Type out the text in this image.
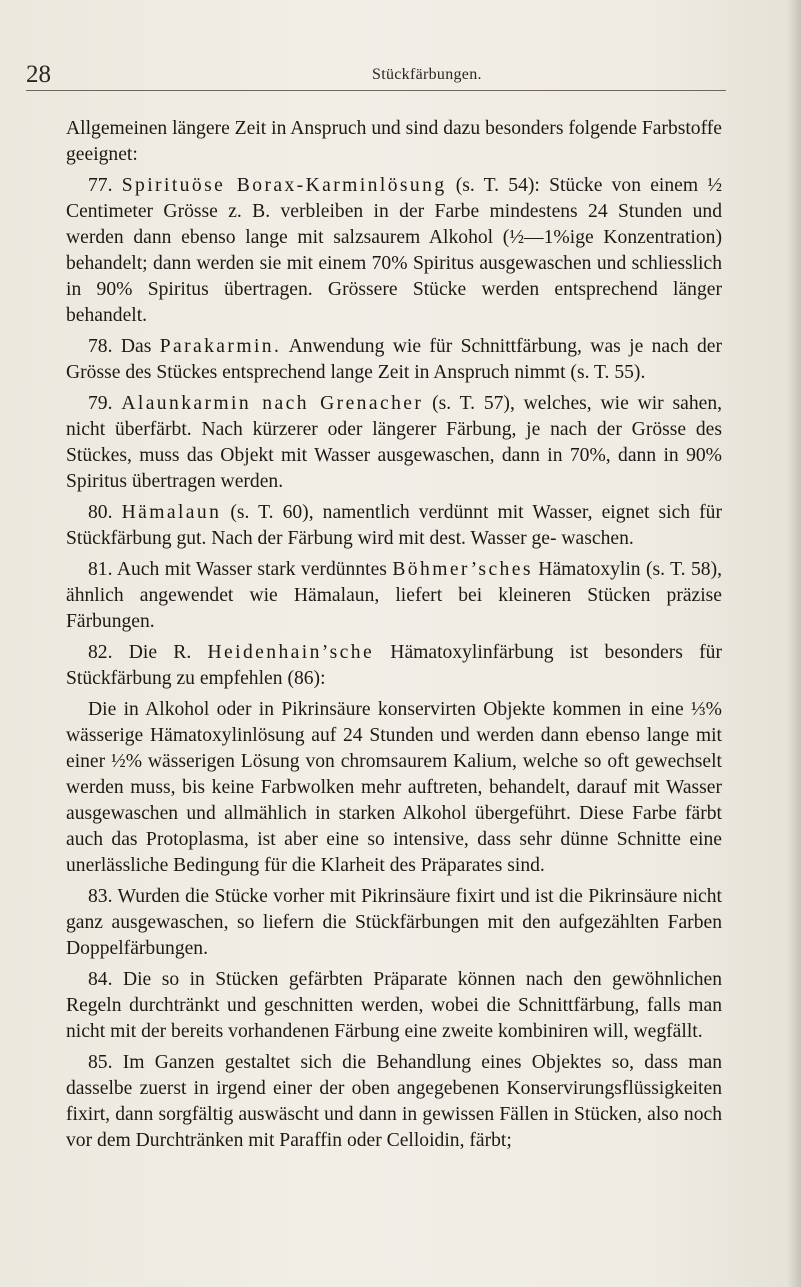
28	Stückfärbungen.

Allgemeinen längere Zeit in Anspruch und sind dazu besonders folgende Farbstoffe geeignet:

77. Spirituöse Borax-Karminlösung (s. T. 54): Stücke von einem ½ Centimeter Grösse z. B. verbleiben in der Farbe mindestens 24 Stunden und werden dann ebenso lange mit salzsaurem Alkohol (½—1%ige Konzentration) behandelt; dann werden sie mit einem 70% Spiritus ausgewaschen und schliesslich in 90% Spiritus übertragen. Grössere Stücke werden entsprechend länger behandelt.

78. Das Parakarmin. Anwendung wie für Schnittfärbung, was je nach der Grösse des Stückes entsprechend lange Zeit in Anspruch nimmt (s. T. 55).

79. Alaunkarmin nach Grenacher (s. T. 57), welches, wie wir sahen, nicht überfärbt. Nach kürzerer oder längerer Färbung, je nach der Grösse des Stückes, muss das Objekt mit Wasser ausgewaschen, dann in 70%, dann in 90% Spiritus übertragen werden.

80. Hämalaun (s. T. 60), namentlich verdünnt mit Wasser, eignet sich für Stückfärbung gut. Nach der Färbung wird mit dest. Wasser ge- waschen.

81. Auch mit Wasser stark verdünntes Böhmer’sches Hämatoxylin (s. T. 58), ähnlich angewendet wie Hämalaun, liefert bei kleineren Stücken präzise Färbungen.

82. Die R. Heidenhain’sche Hämatoxylinfärbung ist besonders für Stückfärbung zu empfehlen (86):

Die in Alkohol oder in Pikrinsäure konservirten Objekte kommen in eine ⅓% wässerige Hämatoxylinlösung auf 24 Stunden und werden dann ebenso lange mit einer ½% wässerigen Lösung von chromsaurem Kalium, welche so oft gewechselt werden muss, bis keine Farbwolken mehr auftreten, behandelt, darauf mit Wasser ausgewaschen und allmählich in starken Alkohol übergeführt. Diese Farbe färbt auch das Protoplasma, ist aber eine so intensive, dass sehr dünne Schnitte eine unerlässliche Bedingung für die Klarheit des Präparates sind.

83. Wurden die Stücke vorher mit Pikrinsäure fixirt und ist die Pikrinsäure nicht ganz ausgewaschen, so liefern die Stückfärbungen mit den aufgezählten Farben Doppelfärbungen.

84. Die so in Stücken gefärbten Präparate können nach den gewöhnlichen Regeln durchtränkt und geschnitten werden, wobei die Schnittfärbung, falls man nicht mit der bereits vorhandenen Färbung eine zweite kombiniren will, wegfällt.

85. Im Ganzen gestaltet sich die Behandlung eines Objektes so, dass man dasselbe zuerst in irgend einer der oben angegebenen Konservirungsflüssigkeiten fixirt, dann sorgfältig auswäscht und dann in gewissen Fällen in Stücken, also noch vor dem Durchtränken mit Paraffin oder Celloidin, färbt;
